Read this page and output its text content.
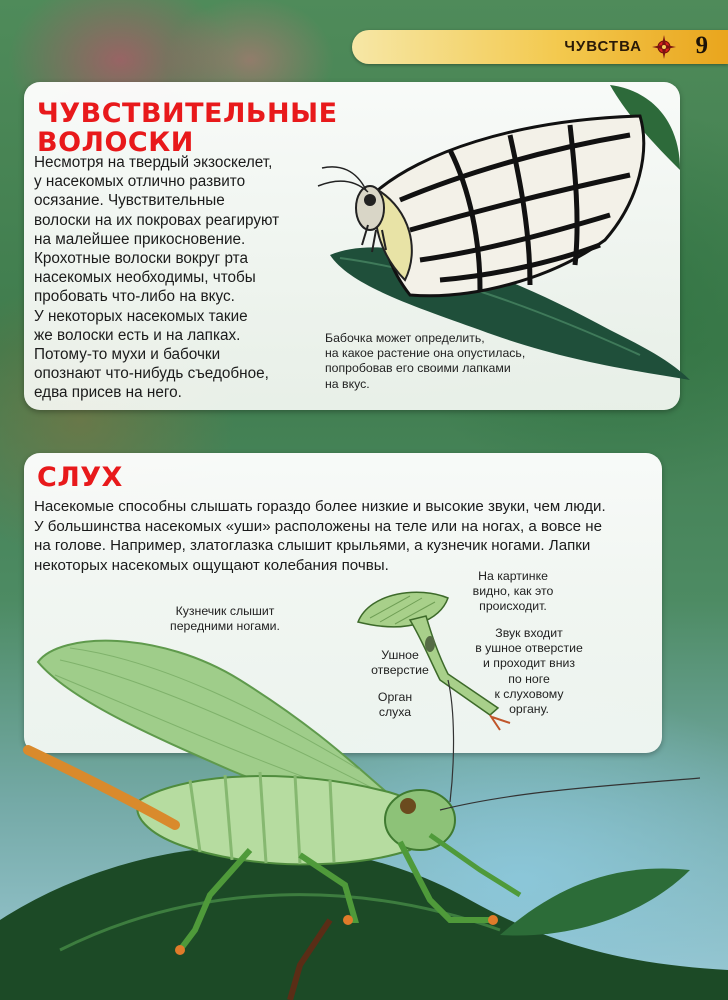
ЧУВСТВА 9
ЧУВСТВИТЕЛЬНЫЕ
ВОЛОСКИ

Несмотря на твердый экзоскелет,
у насекомых отлично развито
осязание. Чувствительные
волоски на их покровах реагируют
на малейшее прикосновение.
Крохотные волоски вокруг рта
насекомых необходимы, чтобы
пробовать что-либо на вкус.
У некоторых насекомых такие
же волоски есть и на лапках.
Потому-то мухи и бабочки
опознают что-нибудь съедобное,
едва присев на него.

Бабочка может определить,
на какое растение она опустилась,
попробовав его своими лапками
на вкус.

СЛУХ

Насекомые способны слышать гораздо более низкие и высокие звуки, чем люди.
У большинства насекомых «уши» расположены на теле или на ногах, а вовсе не
на голове. Например, златоглазка слышит крыльями, а кузнечик ногами. Лапки
некоторых насекомых ощущают колебания почвы.

Кузнечик слышит
передними ногами.

На картинке
видно, как это
происходит.

Звук входит
в ушное отверстие
и проходит вниз
по ноге
к слуховому
органу.

Ушное
отверстие

Орган
слуха
